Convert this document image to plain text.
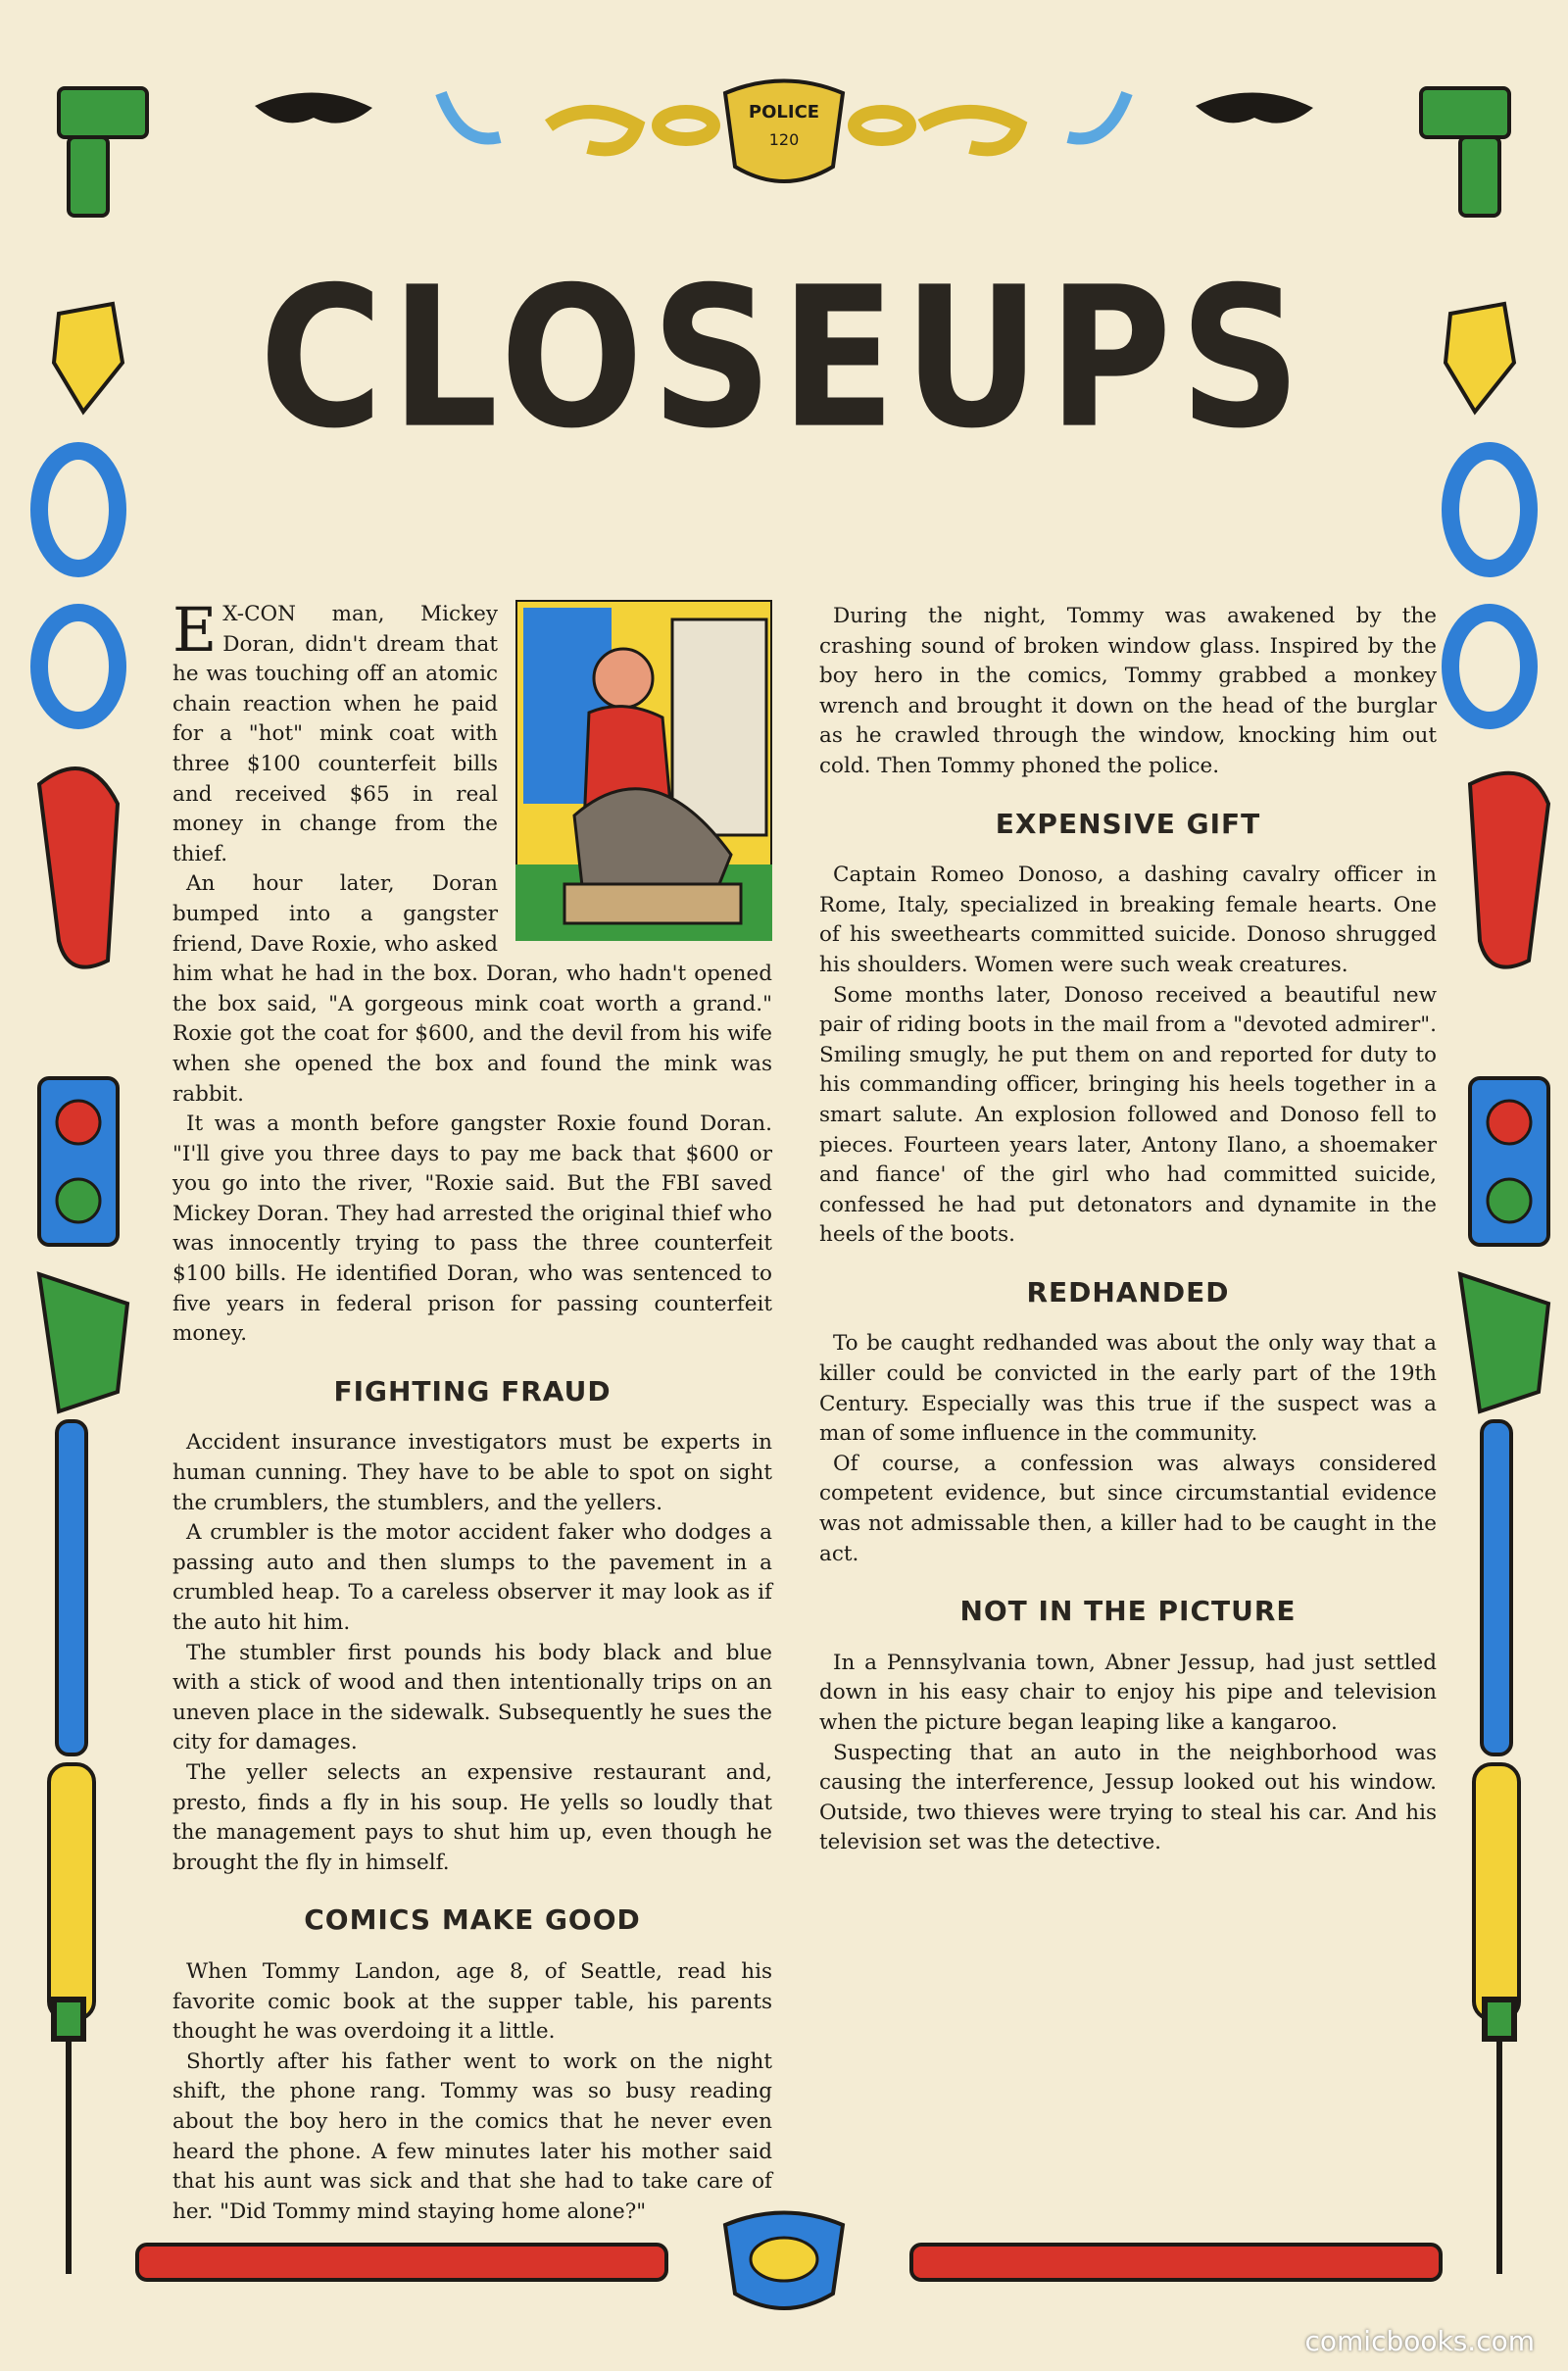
POLICE
120
CLOSEUPS

E X-CON man, Mickey Doran, didn't dream that he was touching off an atomic chain reaction when he paid for a "hot" mink coat with three $100 counterfeit bills and received $65 in real money in change from the thief.

An hour later, Doran bumped into a gangster friend, Dave Roxie, who asked him what he had in the box. Doran, who hadn't opened the box said, "A gorgeous mink coat worth a grand." Roxie got the coat for $600, and the devil from his wife when she opened the box and found the mink was rabbit.

It was a month before gangster Roxie found Doran. "I'll give you three days to pay me back that $600 or you go into the river, "Roxie said. But the FBI saved Mickey Doran. They had arrested the original thief who was innocently trying to pass the three counterfeit $100 bills. He identified Doran, who was sentenced to five years in federal prison for passing counterfeit money.

FIGHTING FRAUD

Accident insurance investigators must be experts in human cunning. They have to be able to spot on sight the crumblers, the stumblers, and the yellers.

A crumbler is the motor accident faker who dodges a passing auto and then slumps to the pavement in a crumbled heap. To a careless observer it may look as if the auto hit him.

The stumbler first pounds his body black and blue with a stick of wood and then intentionally trips on an uneven place in the sidewalk. Subsequently he sues the city for damages.

The yeller selects an expensive restaurant and, presto, finds a fly in his soup. He yells so loudly that the management pays to shut him up, even though he brought the fly in himself.

COMICS MAKE GOOD

When Tommy Landon, age 8, of Seattle, read his favorite comic book at the supper table, his parents thought he was overdoing it a little.

Shortly after his father went to work on the night shift, the phone rang. Tommy was so busy reading about the boy hero in the comics that he never even heard the phone. A few minutes later his mother said that his aunt was sick and that she had to take care of her. "Did Tommy mind staying home alone?"

During the night, Tommy was awakened by the crashing sound of broken window glass. Inspired by the boy hero in the comics, Tommy grabbed a monkey wrench and brought it down on the head of the burglar as he crawled through the window, knocking him out cold. Then Tommy phoned the police.

EXPENSIVE GIFT

Captain Romeo Donoso, a dashing cavalry officer in Rome, Italy, specialized in breaking female hearts. One of his sweethearts committed suicide. Donoso shrugged his shoulders. Women were such weak creatures.

Some months later, Donoso received a beautiful new pair of riding boots in the mail from a "devoted admirer". Smiling smugly, he put them on and reported for duty to his commanding officer, bringing his heels together in a smart salute. An explosion followed and Donoso fell to pieces. Fourteen years later, Antony Ilano, a shoemaker and fiance' of the girl who had committed suicide, confessed he had put detonators and dynamite in the heels of the boots.

REDHANDED

To be caught redhanded was about the only way that a killer could be convicted in the early part of the 19th Century. Especially was this true if the suspect was a man of some influence in the community.

Of course, a confession was always considered competent evidence, but since circumstantial evidence was not admissable then, a killer had to be caught in the act.

NOT IN THE PICTURE

In a Pennsylvania town, Abner Jessup, had just settled down in his easy chair to enjoy his pipe and television when the picture began leaping like a kangaroo.

Suspecting that an auto in the neighborhood was causing the interference, Jessup looked out his window. Outside, two thieves were trying to steal his car. And his television set was the detective.

comicbooks.com
